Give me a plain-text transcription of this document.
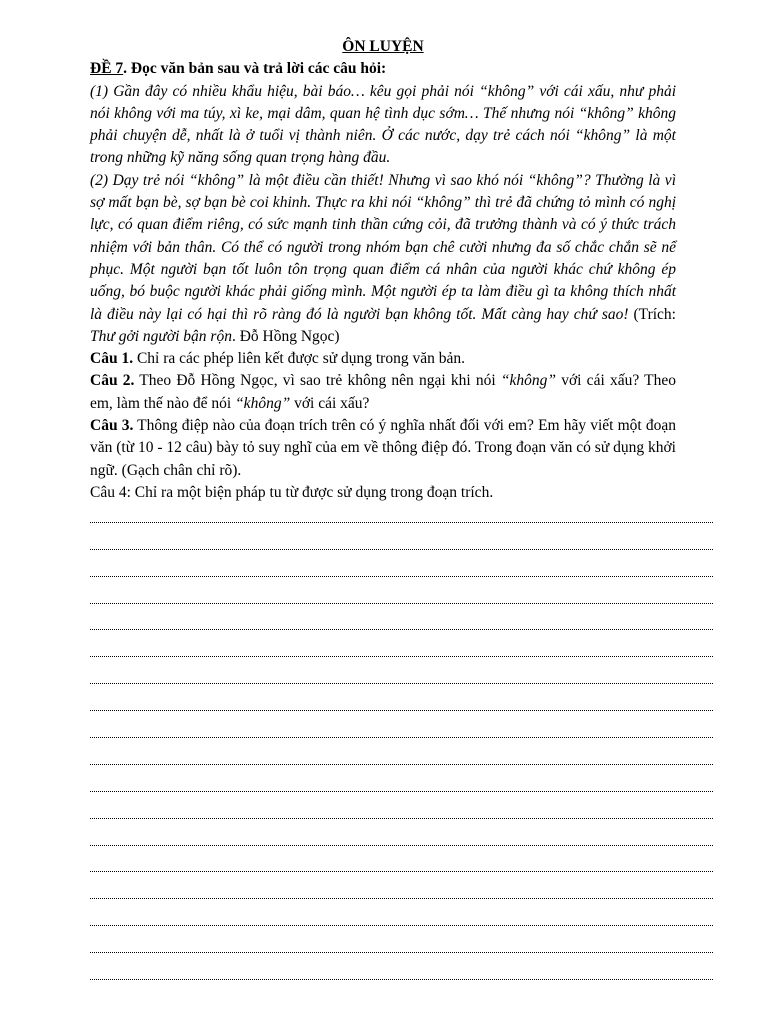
ÔN LUYỆN
ĐỀ 7. Đọc văn bản sau và trả lời các câu hỏi:
(1) Gần đây có nhiều khẩu hiệu, bài báo… kêu gọi phải nói “không” với cái xấu, như phải nói không với ma túy, xì ke, mại dâm, quan hệ tình dục sớm… Thế nhưng nói “không” không phải chuyện dễ, nhất là ở tuổi vị thành niên. Ở các nước, dạy trẻ cách nói “không” là một trong những kỹ năng sống quan trọng hàng đầu.
(2) Dạy trẻ nói “không” là một điều cần thiết! Nhưng vì sao khó nói “không”? Thường là vì sợ mất bạn bè, sợ bạn bè coi khinh. Thực ra khi nói “không” thì trẻ đã chứng tỏ mình có nghị lực, có quan điểm riêng, có sức mạnh tinh thần cứng cỏi, đã trưởng thành và có ý thức trách nhiệm với bản thân. Có thể có người trong nhóm bạn chê cười nhưng đa số chắc chắn sẽ nể phục. Một người bạn tốt luôn tôn trọng quan điểm cá nhân của người khác chứ không ép uống, bó buộc người khác phải giống mình. Một người ép ta làm điều gì ta không thích nhất là điều này lại có hại thì rõ ràng đó là người bạn không tốt. Mất càng hay chứ sao! (Trích: Thư gởi người bận rộn. Đỗ Hồng Ngọc)
Câu 1. Chỉ ra các phép liên kết được sử dụng trong văn bản.
Câu 2. Theo Đỗ Hồng Ngọc, vì sao trẻ không nên ngại khi nói “không” với cái xấu? Theo em, làm thế nào để nói “không” với cái xấu?
Câu 3. Thông điệp nào của đoạn trích trên có ý nghĩa nhất đối với em? Em hãy viết một đoạn văn (từ 10 - 12 câu) bày tỏ suy nghĩ của em về thông điệp đó. Trong đoạn văn có sử dụng khởi ngữ. (Gạch chân chỉ rõ).
Câu 4: Chỉ ra một biện pháp tu từ được sử dụng trong đoạn trích.
